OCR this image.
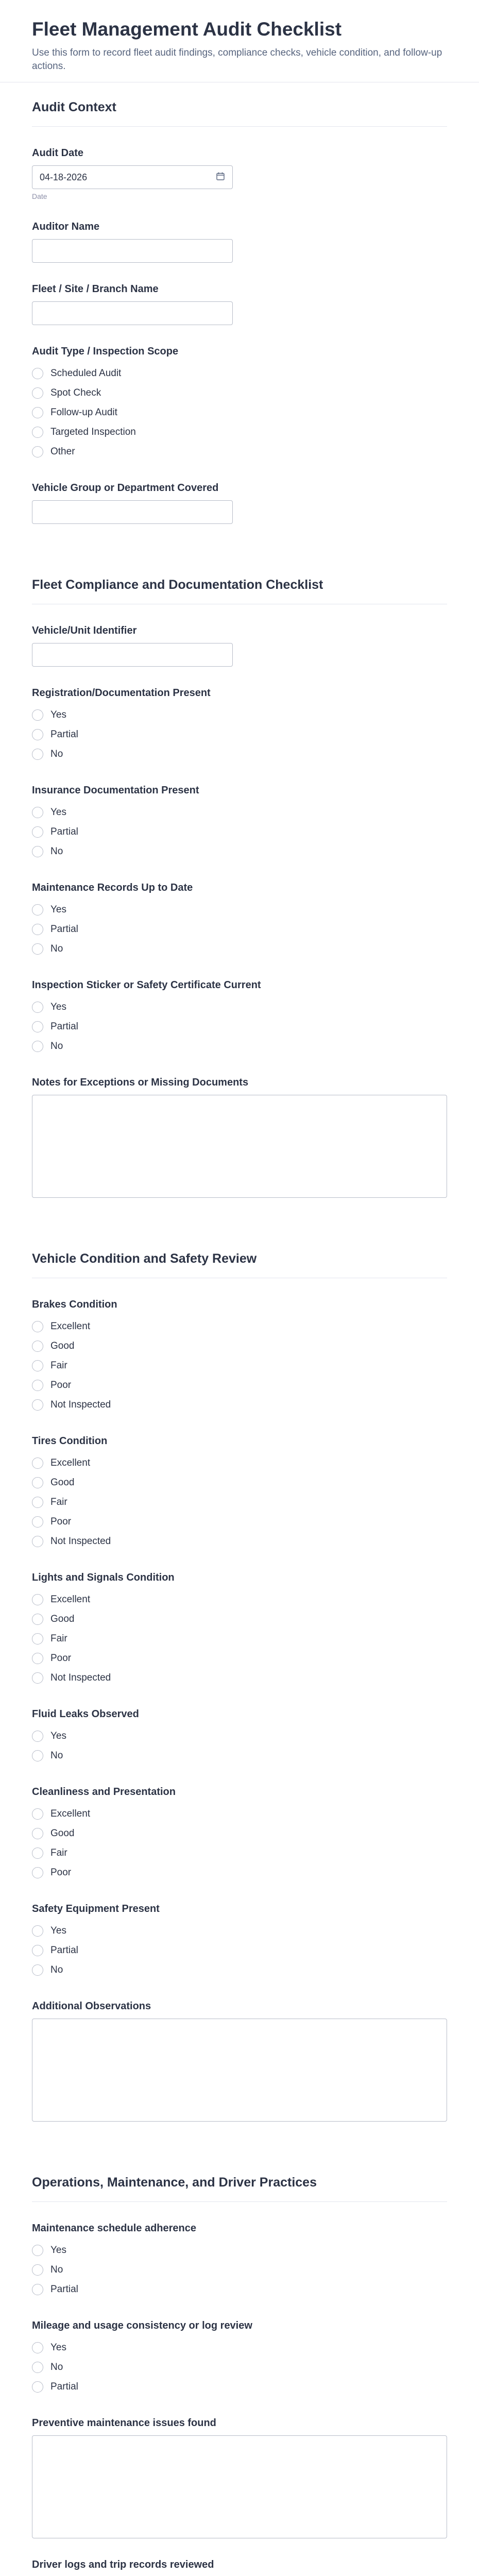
Fleet Management Audit Checklist

Use this form to record fleet audit findings, compliance checks, vehicle condition, and follow-up actions.

Audit Context
Audit Date
04-18-2026
Date
Auditor Name
Fleet / Site / Branch Name
Audit Type / Inspection Scope
Scheduled Audit
Spot Check
Follow-up Audit
Targeted Inspection
Other
Vehicle Group or Department Covered
Fleet Compliance and Documentation Checklist
Vehicle/Unit Identifier
Registration/Documentation Present
Yes
Partial
No
Insurance Documentation Present
Yes
Partial
No
Maintenance Records Up to Date
Yes
Partial
No
Inspection Sticker or Safety Certificate Current
Yes
Partial
No
Notes for Exceptions or Missing Documents
Vehicle Condition and Safety Review
Brakes Condition
Excellent
Good
Fair
Poor
Not Inspected
Tires Condition
Excellent
Good
Fair
Poor
Not Inspected
Lights and Signals Condition
Excellent
Good
Fair
Poor
Not Inspected
Fluid Leaks Observed
Yes
No
Cleanliness and Presentation
Excellent
Good
Fair
Poor
Safety Equipment Present
Yes
Partial
No
Additional Observations
Operations, Maintenance, and Driver Practices
Maintenance schedule adherence
Yes
No
Partial
Mileage and usage consistency or log review
Yes
No
Partial
Preventive maintenance issues found
Driver logs and trip records reviewed
